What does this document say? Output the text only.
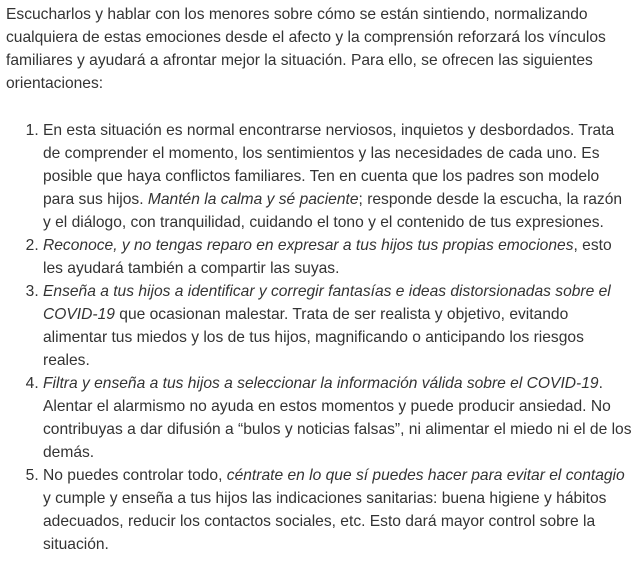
Escucharlos y hablar con los menores sobre cómo se están sintiendo, normalizando cualquiera de estas emociones desde el afecto y la comprensión reforzará los vínculos familiares y ayudará a afrontar mejor la situación. Para ello, se ofrecen las siguientes orientaciones:

1. En esta situación es normal encontrarse nerviosos, inquietos y desbordados. Trata de comprender el momento, los sentimientos y las necesidades de cada uno. Es posible que haya conflictos familiares. Ten en cuenta que los padres son modelo para sus hijos. Mantén la calma y sé paciente; responde desde la escucha, la razón y el diálogo, con tranquilidad, cuidando el tono y el contenido de tus expresiones.
2. Reconoce, y no tengas reparo en expresar a tus hijos tus propias emociones, esto les ayudará también a compartir las suyas.
3. Enseña a tus hijos a identificar y corregir fantasías e ideas distorsionadas sobre el COVID-19 que ocasionan malestar. Trata de ser realista y objetivo, evitando alimentar tus miedos y los de tus hijos, magnificando o anticipando los riesgos reales.
4. Filtra y enseña a tus hijos a seleccionar la información válida sobre el COVID-19. Alentar el alarmismo no ayuda en estos momentos y puede producir ansiedad. No contribuyas a dar difusión a “bulos y noticias falsas”, ni alimentar el miedo ni el de los demás.
5. No puedes controlar todo, céntrate en lo que sí puedes hacer para evitar el contagio y cumple y enseña a tus hijos las indicaciones sanitarias: buena higiene y hábitos adecuados, reducir los contactos sociales, etc. Esto dará mayor control sobre la situación.
